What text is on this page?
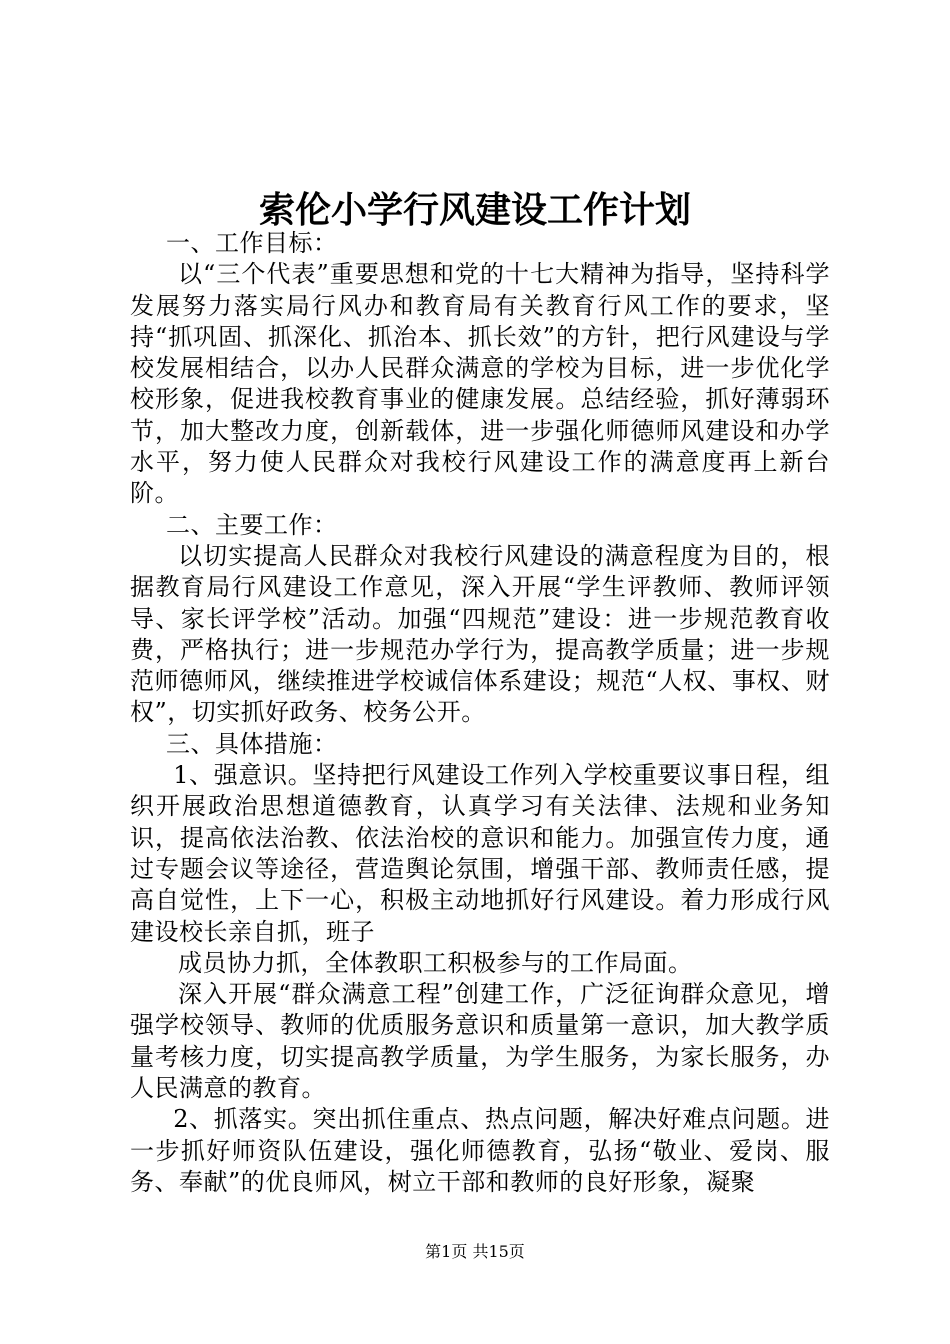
索伦小学行风建设工作计划

一、工作目标：

以“三个代表”重要思想和党的十七大精神为指导，坚持科学发展努力落实局行风办和教育局有关教育行风工作的要求，坚持“抓巩固、抓深化、抓治本、抓长效”的方针，把行风建设与学校发展相结合，以办人民群众满意的学校为目标，进一步优化学校形象，促进我校教育事业的健康发展。总结经验，抓好薄弱环节，加大整改力度，创新载体，进一步强化师德师风建设和办学水平，努力使人民群众对我校行风建设工作的满意度再上新台阶。

二、主要工作：

以切实提高人民群众对我校行风建设的满意程度为目的，根据教育局行风建设工作意见，深入开展“学生评教师、教师评领导、家长评学校”活动。加强“四规范”建设：进一步规范教育收费，严格执行；进一步规范办学行为，提高教学质量；进一步规范师德师风，继续推进学校诚信体系建设；规范“人权、事权、财权”，切实抓好政务、校务公开。

三、具体措施：

1、强意识。坚持把行风建设工作列入学校重要议事日程，组织开展政治思想道德教育，认真学习有关法律、法规和业务知识，提高依法治教、依法治校的意识和能力。加强宣传力度，通过专题会议等途径，营造舆论氛围，增强干部、教师责任感，提高自觉性，上下一心，积极主动地抓好行风建设。着力形成行风建设校长亲自抓，班子

成员协力抓，全体教职工积极参与的工作局面。

深入开展“群众满意工程”创建工作，广泛征询群众意见，增强学校领导、教师的优质服务意识和质量第一意识，加大教学质量考核力度，切实提高教学质量，为学生服务，为家长服务，办人民满意的教育。

2、抓落实。突出抓住重点、热点问题，解决好难点问题。进一步抓好师资队伍建设，强化师德教育，弘扬“敬业、爱岗、服务、奉献”的优良师风，树立干部和教师的良好形象，凝聚

第1页 共15页
